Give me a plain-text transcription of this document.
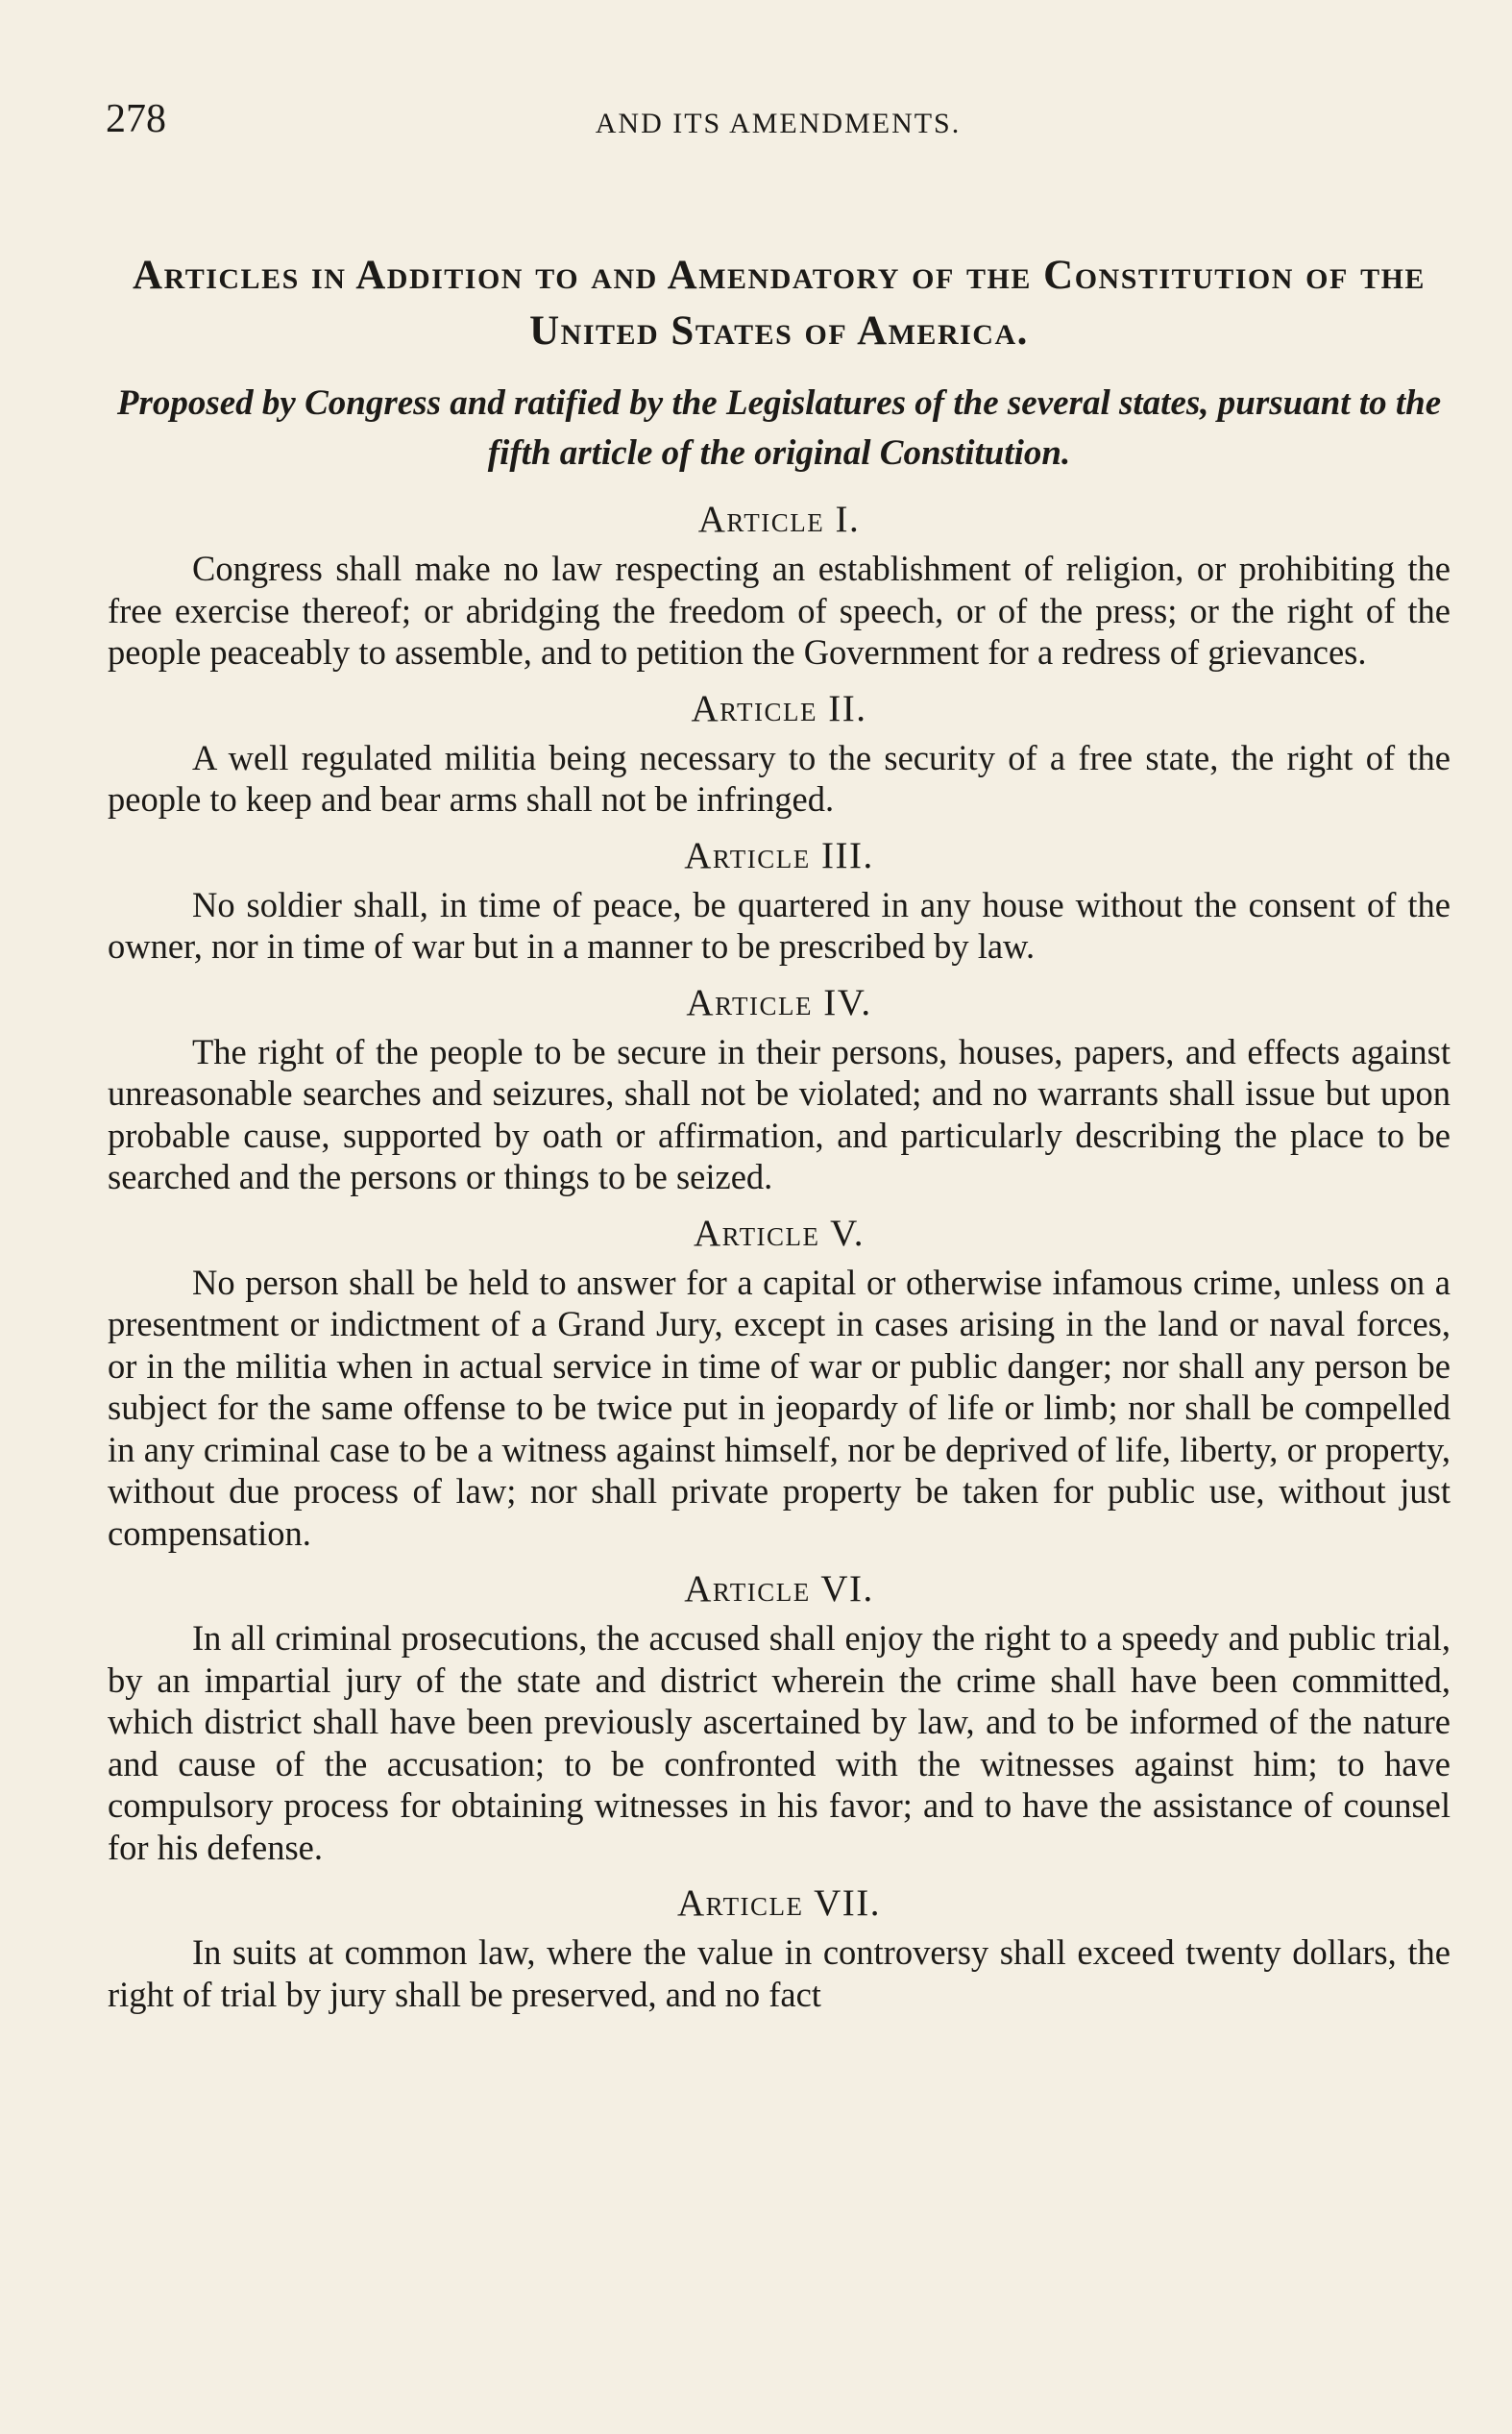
278	AND ITS AMENDMENTS.
Articles in Addition to and Amendatory of the Constitution of the United States of America.

Proposed by Congress and ratified by the Legislatures of the several states, pursuant to the fifth article of the original Constitution.

Article I.

Congress shall make no law respecting an establishment of religion, or prohibiting the free exercise thereof; or abridging the freedom of speech, or of the press; or the right of the people peaceably to assemble, and to petition the Government for a redress of grievances.

Article II.

A well regulated militia being necessary to the security of a free state, the right of the people to keep and bear arms shall not be infringed.

Article III.

No soldier shall, in time of peace, be quartered in any house without the consent of the owner, nor in time of war but in a manner to be prescribed by law.

Article IV.

The right of the people to be secure in their persons, houses, papers, and effects against unreasonable searches and seizures, shall not be violated; and no warrants shall issue but upon probable cause, supported by oath or affirmation, and particularly describing the place to be searched and the persons or things to be seized.

Article V.

No person shall be held to answer for a capital or otherwise infamous crime, unless on a presentment or indictment of a Grand Jury, except in cases arising in the land or naval forces, or in the militia when in actual service in time of war or public danger; nor shall any person be subject for the same offense to be twice put in jeopardy of life or limb; nor shall be compelled in any criminal case to be a witness against himself, nor be deprived of life, liberty, or property, without due process of law; nor shall private property be taken for public use, without just compensation.

Article VI.

In all criminal prosecutions, the accused shall enjoy the right to a speedy and public trial, by an impartial jury of the state and district wherein the crime shall have been committed, which district shall have been previously ascertained by law, and to be informed of the nature and cause of the accusation; to be confronted with the witnesses against him; to have compulsory process for obtaining witnesses in his favor; and to have the assistance of counsel for his defense.

Article VII.

In suits at common law, where the value in controversy shall exceed twenty dollars, the right of trial by jury shall be preserved, and no fact
